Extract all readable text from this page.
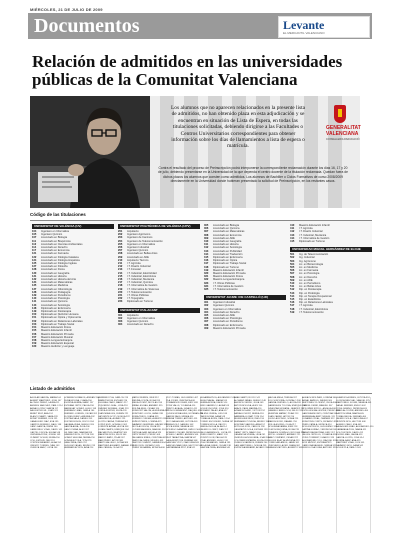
MIÉRCOLES, 21 DE JULIO DE 2009
Documentos	Levante
EL MERCANTIL VALENCIANO
Relación de admitidos en las universidades públicas de la Comunitat Valenciana

Los alumnos que no aparecen relacionados en la presente lista de admitidos, no han obtenido plaza en esta adjudicación y se encuentran en situación de Lista de Espera, en todas las titulaciones solicitadas, debiendo dirigirse a las Facultades o Centros Universitarios correspondientes para obtener información sobre los días de llamamientos a lista de espera o matrícula.

Contra el resultado del proceso de Preinscripción podrá interponerse la correspondiente reclamación durante los días 16, 17 y 20 de julio, debiendo presentarse en la Universidad de la que dependa el centro docente de la titulación reclamada. Quedan fuera de dichos plazos los alumnos que consten como admitidos. Los alumnos de Bachiller o Ciclos Formativos de curso 2008/2009 directamente en la Universidad donde hubieran presentado la solicitud de Preinscripción, en los restantes casos.

GENERALITAT
VALENCIANA
CONSELLERIA D'EDUCACIÓ
Código de las titulaciones
UNIVERSITAT DE VALÈNCIA (UV)
104 Ingeniero en Informática
105 Ingeniero Químico
107 Licenciado en Biología
111 Licenciado en Bioquímica
112 Licenciado en Ciencias Ambientales
114 Licenciado en Derecho
117 Licenciado en Economía
121 Licenciado en Farmacia
122 Licenciado en Filología Catalana
124 Licenciado en Filología Hispánica
125 Licenciado en Filología Inglesa
127 Licenciado en Filosofía
128 Licenciado en Física
130 Licenciado en Geografía
131 Licenciado en Historia
132 Licenciado en Historia del Arte
134 Licenciado en Matemáticas
135 Licenciado en Medicina
137 Licenciado en Odontología
138 Licenciado en Pedagogía
139 Licenciado en Periodismo
140 Licenciado en Psicología
141 Licenciado en Química
143 Licenciado en Sociología
148 Diplomado en Enfermería
149 Diplomado en Fisioterapia
150 Diplomado en Nutrición Humana
151 Diplomado en Óptica y Optometría
152 Diplomado en Relaciones Laborales
153 Diplomado en Trabajo Social
154 Maestro Educación Física
155 Maestro Educación Infantil
156 Maestro Educación Primaria
157 Maestro Educación Musical
158 Maestro Lengua Extranjera
159 Maestro Educación Especial
160 Maestro Audición y Lenguaje
UNIVERSITAT POLITÈCNICA DE VALÈNCIA (UPV)
201 Arquitecto
202 Ingeniero Agrónomo
203 Ingeniero de Caminos
204 Ingeniero de Telecomunicación
205 Ingeniero en Informática
206 Ingeniero Industrial
207 Ingeniero Químico
208 Licenciado en Bellas Artes
209 Licenciado en ADE
210 Arquitecto Técnico
211 I.T. Agrícola
212 I.T. Diseño Industrial
213 I.T. Forestal
214 I.T. Industrial, Electricidad
215 I.T. Industrial, Electrónica
216 I.T. Industrial, Mecánica
217 I.T. Industrial, Química
218 I.T. Informática de Gestión
219 I.T. Informática de Sistemas
220 I.T. Telecomunicación
221 I.T. Obras Públicas
222 I.T. Topografía
223 Diplomado en Turismo
UNIVERSITAT D'ALACANT
301 Arquitecto
302 Ingeniero en Informática
303 Ingeniero Químico
304 Licenciado en Derecho
305 Licenciado en Biología
306 Licenciado en Química
307 Licenciado en Matemáticas
308 Licenciado en Economía
309 Licenciado en ADE
310 Licenciado en Geografía
311 Licenciado en Historia
312 Licenciado en Sociología
313 Licenciado en Publicidad
314 Licenciado en Traducción
315 Diplomado en Enfermería
316 Diplomado en Óptica
317 Diplomado en Trabajo Social
318 Diplomado en Turismo
319 Maestro Educación Infantil
320 Maestro Educación Primaria
321 Maestro Educación Física
322 Maestro Lengua Extranjera
323 I.T. Obras Públicas
324 I.T. Informática de Gestión
325 I.T. Telecomunicación
UNIVERSITAT JAUME I DE CASTELLÓ (UJI)
401 Ingeniero Industrial
402 Ingeniero Químico
403 Ingeniero en Informática
404 Licenciado en Derecho
405 Licenciado en ADE
406 Licenciado en Psicología
407 Licenciado en Periodismo
408 Diplomado en Enfermería
409 Maestro Educación Primaria
410 Maestro Educación Infantil
411 I.T. Agrícola
412 I.T. Diseño Industrial
413 I.T. Industrial, Mecánica
414 I.T. Informática de Gestión
415 Diplomado en Turismo
UNIVERSIDAD MIGUEL HERNÁNDEZ DE ELCHE
501 Ing. de Telecomunicación
502 Ing. Industrial
503 Ing. Agrónomo
504 Lic. en Biotecnología
505 Lic. en Medicina
506 Lic. en Farmacia
507 Lic. en Psicología
508 Lic. en Derecho
509 Lic. en ADE
510 Lic. en Periodismo
511 Lic. en Bellas Artes
512 Dip. en Fisioterapia
513 Dip. en Podología
514 Dip. en Terapia Ocupacional
515 Dip. en Estadística
516 Dip. en Relaciones Laborales
517 I.T. Agrícola
518 I.T. Industrial, Electrónica
519 I.T. Telecomunicación
Listado de admitidos
AGUILAR GARCIA, MARIA 104
ALBERT MARTINEZ, JOSE 107
ALONSO PEREZ, LAURA 111
ANDRES SANCHEZ, PABLO 114
ARNAU LOPEZ, MARTA 117
BALLESTER GIL, JUAN 121
BENET RUIZ, ANA 124
BLASCO MARTI, SARA 128
BONET FERRER, LUIS 131
CABALLERO DIAZ, EVA 135
CAMPOS MORENO, RAUL 138
CANO GARCIA, IRENE 140
CARBONELL VIDAL, DAVID 141
CASTILLO ROCA, ELENA 148
CERVERA PONS, JORGE 149
CLIMENT SOLER, NURIA 150
COLL ESTEVE, PAU 151
CORTES NAVARRO, ALBA 152
CRESPO TORRES, IVAN 153
CUENCA SANZ, LUCIA 154
DOMENECH RAMOS, ADRIAN 155
DURA MOLINA, CLARA 156
ESCRIVA SERRA, MARC 157
ESTEBAN ORTIZ, PAULA 158
FABREGAT GOMEZ, HUGO 159
FERRANDO MAS, CARLA 160
FERRER LLORENS, OSCAR 201
FLORES RUBIO, ANDREA 202
FORTEA SALA, DANIEL 203
FUSTER BOSCH, ROCIO 204
GALIANA VERA, SERGIO 205
GARCIA ALBA, JULIA 206
GASCO MIRA, ALEX 207
GIL PASCUAL, MARINA 208
GIMENEZ RIOS, VICTOR 209
GOMEZ SEGURA, NEREA 210
GONZALEZ VILA, TONI 211
GRAU PAYA, INES 212
GUILLEM CASAS, BRUNO 213
HERNANDEZ ROS, AINA 214
HERRERO PLA, CARLOS 215
IBAÑEZ MOYA, ESTHER 216
IGLESIAS CANO, MARIO 217
IZQUIERDO GUAL, LIDIA 218
JIMENEZ BORRAS, JOAN 219
JORDA FUSTER, SILVIA 220
JUAN MIRALLES, RUBEN 221
LAPUENTE SOTO, NOELIA 222
LARA BELDA, ALVARO 223
LLOPIS CARDA, TERESA 301
LOPEZ ESPI, GONZALO 302
LORENTE AZNAR, ALICIA 303
LUJAN CAMPS, ENRIQUE 304
MACIAN PUIG, BEATRIZ 305
MAESTRE ROIG, FELIX 306
MARCO BAÑO, PILAR 307
MARI PEIRO, AITOR 308
MARTI GALLEGO, SONIA 309
MARTINEZ ALEMANY, RAFAEL 310
MAS CATALA, OLGA 311
MATEU FERRIS, IKER 312
MEDINA COSTA, ROSA 313
MELIA VICENT, NICOLAS 314
MIRALLES BAS, AMPARO 315
MOLINA REIG, CESAR 316
MONFORT SALOM, ALMUDENA 317
MONTERO LLUCH, JAIME 318
MORA TEROL, DIANA 319
MORENO CUEVAS, ALBERTO 320
MUÑOZ PERIS, LORENA 321
NAVARRO SEMPERE, XAVIER 322
NICOLAU ROCA, CELIA 323
OLIVER BADENES, MANUEL 324
ORTEGA GARI, ANGELA 325
ORTIZ MONZO, PEDRO 401
PALLARES RIBES, CRISTINA 402
PARDO ALCAIDE, MIGUEL 403
PASTOR CLIMENT, CARMEN 404
PEIRO BOU, RICARDO 405
PEREZ SEGARRA, MONICA 406
PICO TOMAS, GUILLERMO 407
PLA JOVER, VERONICA 408
POMARES ROCHER, ERIC 409
PONS VALLS, YOLANDA 410
PRIETO ALIAGA, IGNACIO 411
PUCHOL BENAVENT, RAQUEL 412
QUILES MORAGUES, ESTEBAN 413
RAMON FAUS, MIREIA 414
RIBERA TORMO, ARTURO 415
RICO BALAGUER, LETICIA 501
RIERA DOLZ, SAMUEL 502
ROCA SIFRE, NATALIA 503
RODRIGO SABATER, EMILIO 504
ROMERO CISCAR, PATRICIA 505
ROSELLO ARIÑO, ANDRES 506
RUIZ TARAZONA, MARTA 507
SALA MONTOYA, FERRAN 508
SANCHEZ VIVO, CAROLINA 509
SANCHIS MARQUES, HECTOR 510
SANTAMARIA JUST, EVA 511
SEGARRA PUIG, ALEJANDRO 512
SEGUI NADAL, MARIA 513
SERRA BORJA, DAVID 514
SIMO GARRIDO, LAURA 515
SOLER CHOVER, JOSE 516
SORIANO PALAU, ANA 517
TALENS CERDA, LUIS 518
TARIN SORIA, SARA 519
TOMAS ALBORS, PABLO 104
TORMO ESCUDERO, NURIA 107
TORRES MOLLA, PAU 111
UBEDA CHULIA, ALBA 114
VALERO LLORET, IVAN 117
VALLS ARMENGOL, LUCIA 121
VERDU BERTO, MARC 124
VICENT FLOR, PAULA 128
VIDAL ANDREU, HUGO 131
VILA CREMADES, CARLA 135
VILLALBA GINER, OSCAR 138
ZAMORA TENA, ANDREA 140
ABAD MARTI, ROCIO 141
ALCARAZ NAVAS, SERGIO 148
AMOROS VERDU, JULIA 149
ANTON BOLUDA, ALEX 150
ARACIL PAYA, MARINA 151
AZNAR SOLANO, VICTOR 152
BAIXAULI MONT, NEREA 153
BARBERA LLOBAT, TONI 154
BELENGUER RIUS, INES 155
BERNABEU POVEDA, BRUNO 156
BORONAT GARCES, AINA 157
BOTELLA JOVE, CARLOS 158
CALATAYUD SOLA, ESTHER 159
CANET ORTS, MARIO 160
CASANOVA SIVERA, LIDIA 201
CHIRIVELLA NOGUERA, JOAN 202
COLOMER ESPARZA, SILVIA 203
CUBELLS FARINOS, RUBEN 204
DASI MARTORELL, NOELIA 205
ESPINOSA BAYARRI, ALVARO 206
FAUS ALMELA, TERESA 207
FOLCH ROVIRA, GONZALO 208
GANDIA CERVELLO, ALICIA 209
GARRIGUES TOLOSA, ENRIQUE 210
GINESTAR MORATAL, BEATRIZ 211
GRANELL BENLLOCH, FELIX 212
HUERTAS MAÑEZ, PILAR 213
JUAN CARBO, AITOR 214
LLEDO ALFONSO, SONIA 215
MARCH BONO, RAFAEL 216
MOLLA ESCRIG, OLGA 217
NOGUERA FABRA, IKER 218
OLMOS REQUENA, ROSA 219
PERALES DOMINGO, NICOLAS 220
RIPOLL GISBERT, AMPARO 221
SAEZ COMPANY, CESAR 222
SELLES BLAY, ALMUDENA 223
TORRO ARLANDIS, JAIME 301
VERCHER LLACER, DIANA 302
ZARAGOZA PONS, ALBERTO 303
ALBIACH MOLINER, LORENA 304
ARNAL BAÑULS, XAVIER 305
BERTOMEU CLOFENT, CELIA 306
CANDEL FERRI, MANUEL 307
CODOÑER RIPOLL, ANGELA 308
ESTELLES BALLESTER, PEDRO 309
GARCERA MONZO, CRISTINA 310
HERRERA ALBERT, MIGUEL 311
LLINARES VIDAL, CARMEN 312
MONZONIS CORTS, RICARDO 313
PERIS CATALA, MONICA 314
ROIG ESTRUCH, GUILLERMO 315
SAPIÑA GUIRAO, VERONICA 316
TARAZONA BELTRAN, ERIC 317
VALLES ORTELLS, YOLANDA 318
VIVES TORRENT, IGNACIO 319
ALEIXANDRE COLL, RAQUEL 320
BOIX MUÑOZ, ESTEBAN 321
CARDONA BAIXAULI, MIREIA 322
FENOLLOSA DURA, ARTURO 323
GUARDIOLA RIBES, LETICIA 324
LLORCA PASCUAL, SAMUEL 325
MARTORELL SOLER, NATALIA 401
NADAL FERRER, EMILIO 402
PONS GIMENO, PATRICIA 403
RIBES ALCOVER, ANDRES 404
SANTOS MIRA, MARTA 405
TOMAS BELDA, FERRAN 406
VALERO SOLA, CAROLINA 407
VICENTE ROS, HECTOR 408
ALBERO CANO, EVA 409
BALAGUER GRAU, ALEJANDRO 410
CAMARASA PUIG, MARIA 411
DOLZ ESTEVE, DAVID 412
ESCRIG MAS, LAURA 413
GARCIA LLOPIS, JOSE 414
IBORRA SANZ, ANA 415
MARTINEZ VIDAL, LUIS 501
NAVARRO BOU, SARA 502
SOLER PLA, PABLO 503
